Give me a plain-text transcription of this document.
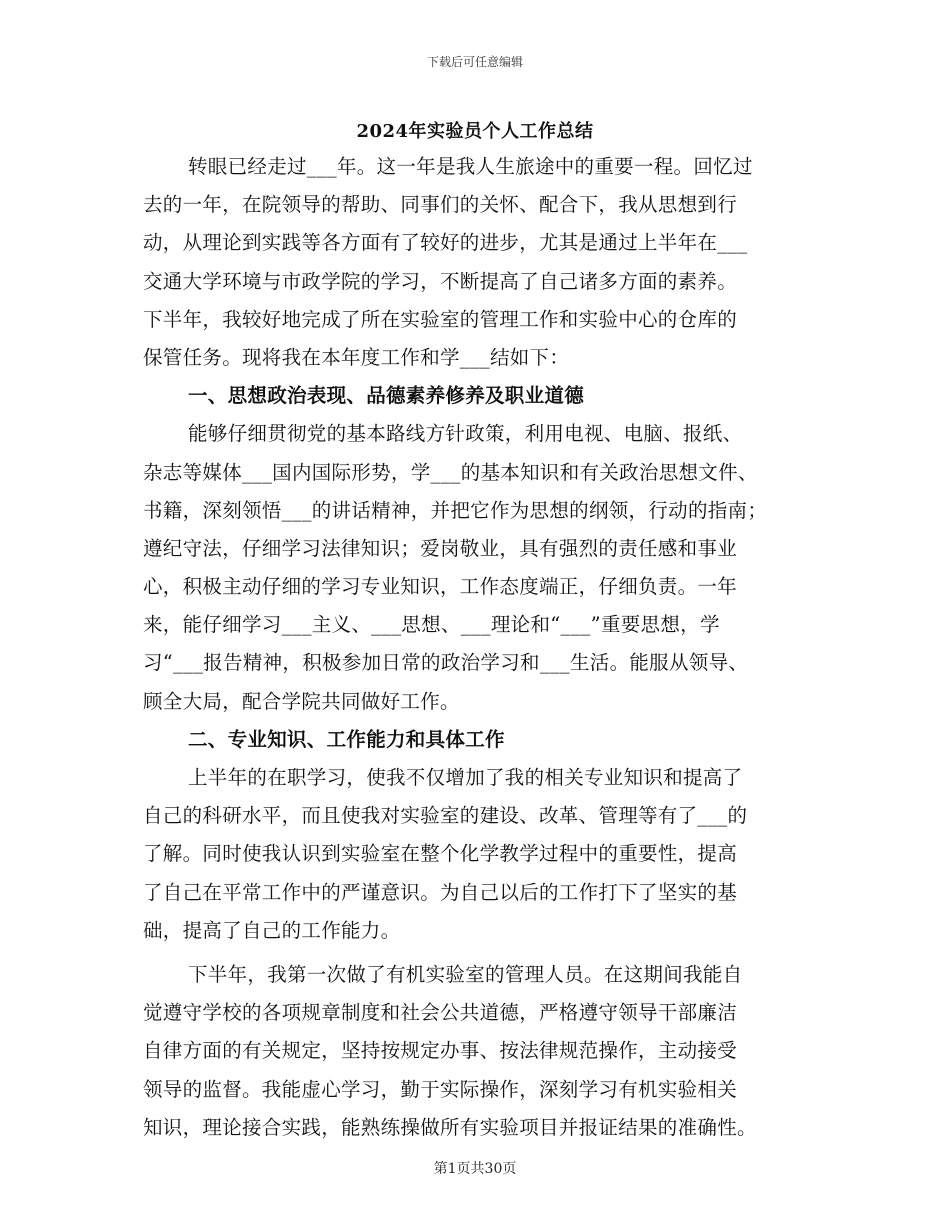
下载后可任意编辑
2024年实验员个人工作总结
转眼已经走过___年。这一年是我人生旅途中的重要一程。回忆过
去的一年，在院领导的帮助、同事们的关怀、配合下，我从思想到行
动，从理论到实践等各方面有了较好的进步，尤其是通过上半年在___
交通大学环境与市政学院的学习，不断提高了自己诸多方面的素养。
下半年，我较好地完成了所在实验室的管理工作和实验中心的仓库的
保管任务。现将我在本年度工作和学___结如下：
一、思想政治表现、品德素养修养及职业道德
能够仔细贯彻党的基本路线方针政策，利用电视、电脑、报纸、
杂志等媒体___国内国际形势，学___的基本知识和有关政治思想文件、
书籍，深刻领悟___的讲话精神，并把它作为思想的纲领，行动的指南；
遵纪守法，仔细学习法律知识；爱岗敬业，具有强烈的责任感和事业
心，积极主动仔细的学习专业知识，工作态度端正，仔细负责。一年
来，能仔细学习___主义、___思想、___理论和“___”重要思想，学
习“___报告精神，积极参加日常的政治学习和___生活。能服从领导、
顾全大局，配合学院共同做好工作。
二、专业知识、工作能力和具体工作
上半年的在职学习，使我不仅增加了我的相关专业知识和提高了
自己的科研水平，而且使我对实验室的建设、改革、管理等有了___的
了解。同时使我认识到实验室在整个化学教学过程中的重要性，提高
了自己在平常工作中的严谨意识。为自己以后的工作打下了坚实的基
础，提高了自己的工作能力。
下半年，我第一次做了有机实验室的管理人员。在这期间我能自
觉遵守学校的各项规章制度和社会公共道德，严格遵守领导干部廉洁
自律方面的有关规定，坚持按规定办事、按法律规范操作，主动接受
领导的监督。我能虚心学习，勤于实际操作，深刻学习有机实验相关
知识，理论接合实践，能熟练操做所有实验项目并报证结果的准确性。
第1页共30页
